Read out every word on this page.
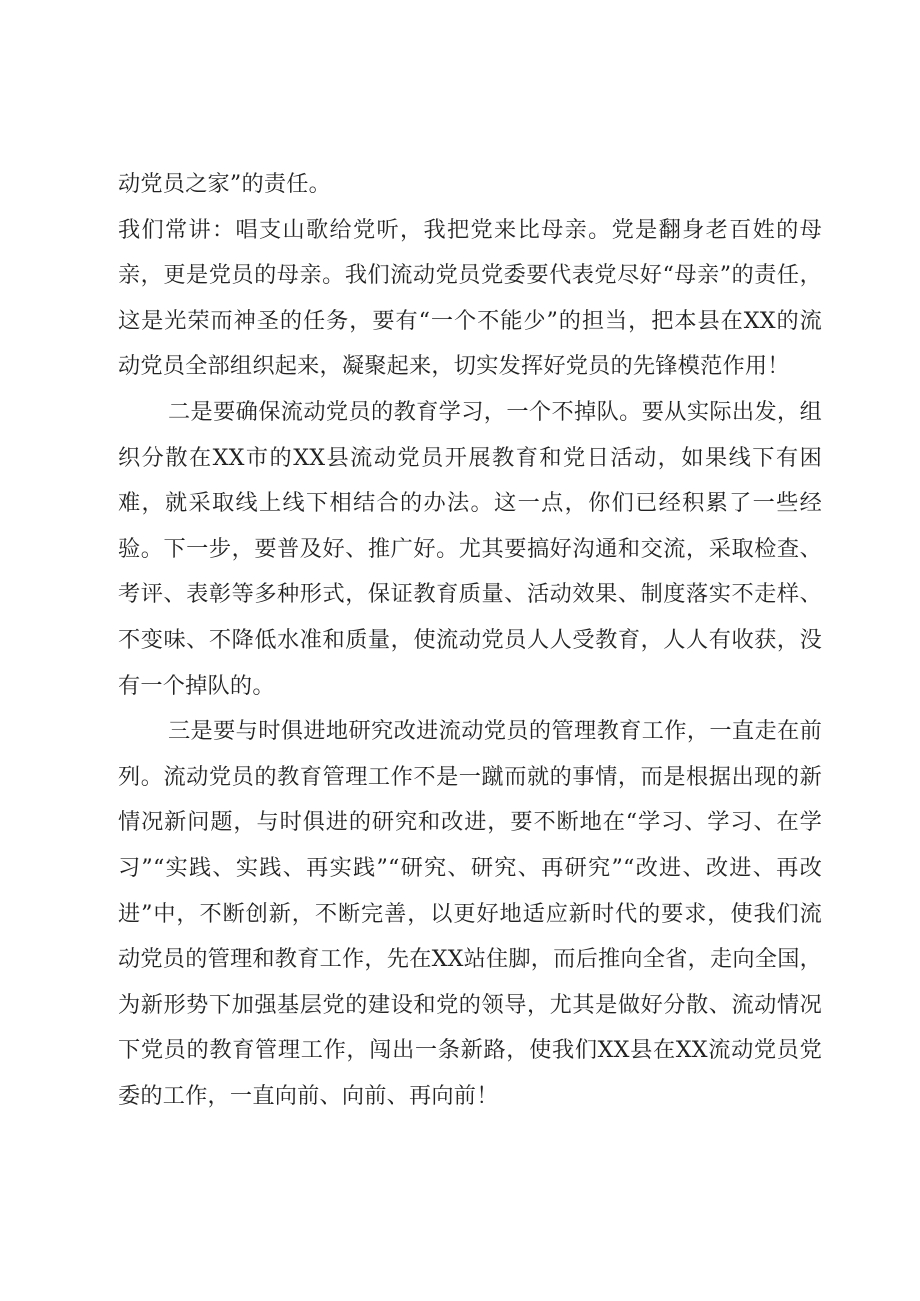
动党员之家”的责任。

我们常讲：唱支山歌给党听，我把党来比母亲。党是翻身老百姓的母亲，更是党员的母亲。我们流动党员党委要代表党尽好“母亲”的责任，这是光荣而神圣的任务，要有“一个不能少”的担当，把本县在XX的流动党员全部组织起来，凝聚起来，切实发挥好党员的先锋模范作用！

二是要确保流动党员的教育学习，一个不掉队。要从实际出发，组织分散在XX市的XX县流动党员开展教育和党日活动，如果线下有困难，就采取线上线下相结合的办法。这一点，你们已经积累了一些经验。下一步，要普及好、推广好。尤其要搞好沟通和交流，采取检查、考评、表彰等多种形式，保证教育质量、活动效果、制度落实不走样、不变味、不降低水准和质量，使流动党员人人受教育，人人有收获，没有一个掉队的。

三是要与时俱进地研究改进流动党员的管理教育工作，一直走在前列。流动党员的教育管理工作不是一蹴而就的事情，而是根据出现的新情况新问题，与时俱进的研究和改进，要不断地在“学习、学习、在学习”“实践、实践、再实践”“研究、研究、再研究”“改进、改进、再改进”中，不断创新，不断完善，以更好地适应新时代的要求，使我们流动党员的管理和教育工作，先在XX站住脚，而后推向全省，走向全国，为新形势下加强基层党的建设和党的领导，尤其是做好分散、流动情况下党员的教育管理工作，闯出一条新路，使我们XX县在XX流动党员党委的工作，一直向前、向前、再向前！
